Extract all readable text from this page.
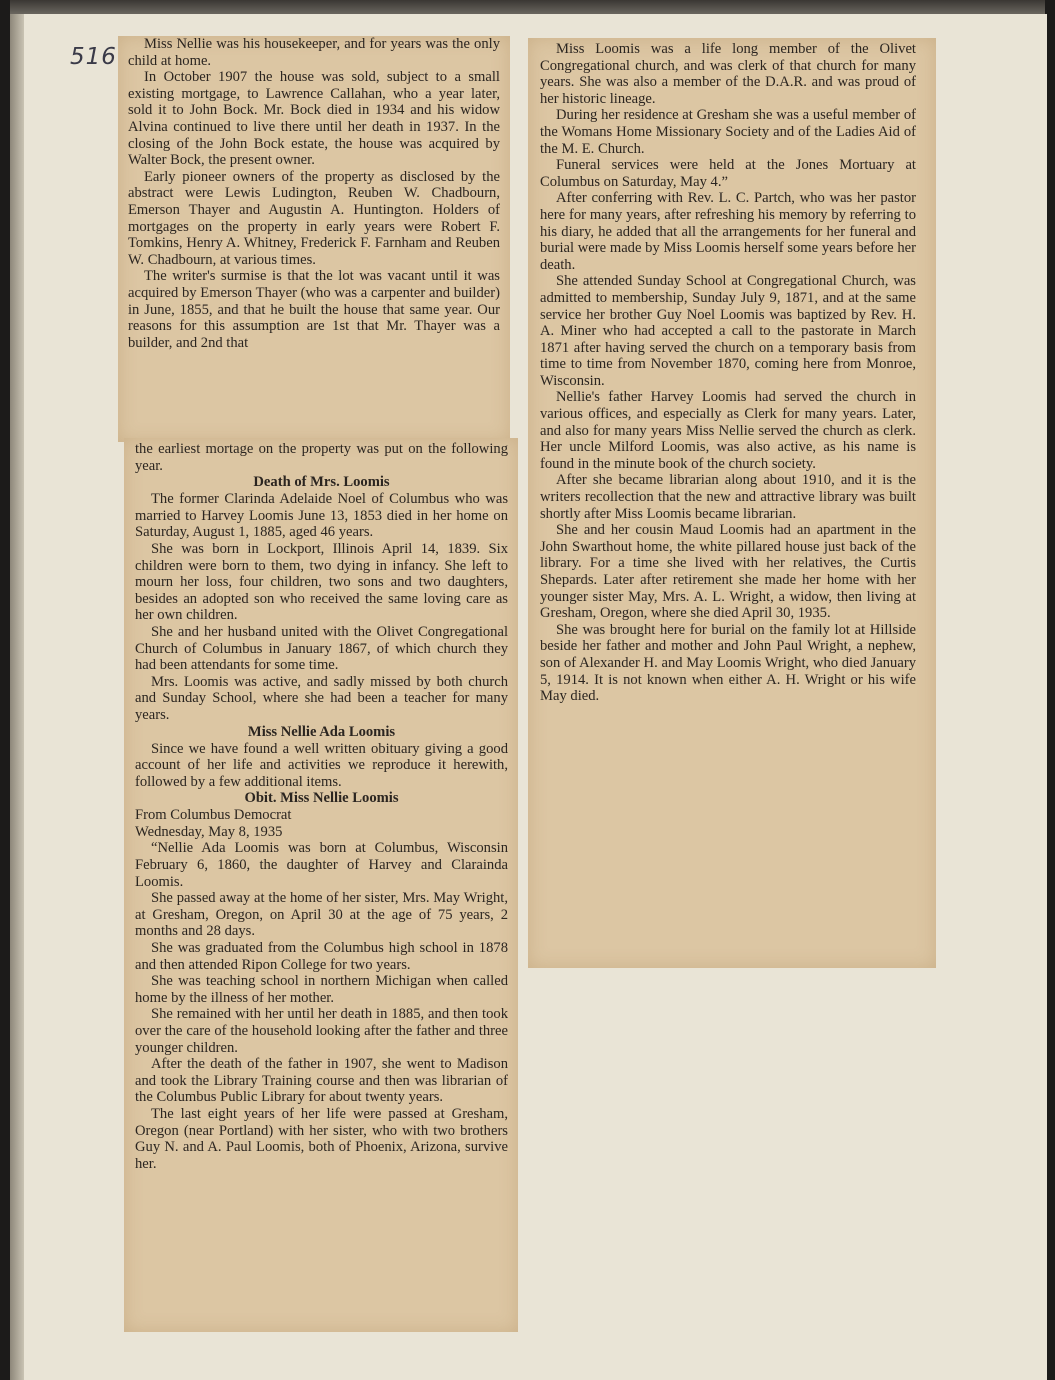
516	Miss Nellie was his housekeeper, and for years was the only child at home.

In October 1907 the house was sold, subject to a small existing mortgage, to Lawrence Callahan, who a year later, sold it to John Bock. Mr. Bock died in 1934 and his widow Alvina continued to live there until her death in 1937. In the closing of the John Bock estate, the house was acquired by Walter Bock, the present owner.

Early pioneer owners of the property as disclosed by the abstract were Lewis Ludington, Reuben W. Chadbourn, Emerson Thayer and Augustin A. Huntington. Holders of mortgages on the property in early years were Robert F. Tomkins, Henry A. Whitney, Frederick F. Farnham and Reuben W. Chadbourn, at various times.

The writer's surmise is that the lot was vacant until it was acquired by Emerson Thayer (who was a carpenter and builder) in June, 1855, and that he built the house that same year. Our reasons for this assumption are 1st that Mr. Thayer was a builder, and 2nd that

the earliest mortage on the property was put on the following year.

Death of Mrs. Loomis

The former Clarinda Adelaide Noel of Columbus who was married to Harvey Loomis June 13, 1853 died in her home on Saturday, August 1, 1885, aged 46 years.

She was born in Lockport, Illinois April 14, 1839. Six children were born to them, two dying in infancy. She left to mourn her loss, four children, two sons and two daughters, besides an adopted son who received the same loving care as her own children.

She and her husband united with the Olivet Congregational Church of Columbus in January 1867, of which church they had been attendants for some time.

Mrs. Loomis was active, and sadly missed by both church and Sunday School, where she had been a teacher for many years.

Miss Nellie Ada Loomis

Since we have found a well written obituary giving a good account of her life and activities we reproduce it herewith, followed by a few additional items.

Obit. Miss Nellie Loomis

From Columbus Democrat

Wednesday, May 8, 1935

“Nellie Ada Loomis was born at Columbus, Wisconsin February 6, 1860, the daughter of Harvey and Claraindа Loomis.

She passed away at the home of her sister, Mrs. May Wright, at Gresham, Oregon, on April 30 at the age of 75 years, 2 months and 28 days.

She was graduated from the Columbus high school in 1878 and then attended Ripon College for two years.

She was teaching school in northern Michigan when called home by the illness of her mother.

She remained with her until her death in 1885, and then took over the care of the household looking after the father and three younger children.

After the death of the father in 1907, she went to Madison and took the Library Training course and then was librarian of the Columbus Public Library for about twenty years.

The last eight years of her life were passed at Gresham, Oregon (near Portland) with her sister, who with two brothers Guy N. and A. Paul Loomis, both of Phoenix, Arizona, survive her.

Miss Loomis was a life long member of the Olivet Congregational church, and was clerk of that church for many years. She was also a member of the D.A.R. and was proud of her historic lineage.

During her residence at Gresham she was a useful member of the Womans Home Missionary Society and of the Ladies Aid of the M. E. Church.

Funeral services were held at the Jones Mortuary at Columbus on Saturday, May 4.”

After conferring with Rev. L. C. Partch, who was her pastor here for many years, after refreshing his memory by referring to his diary, he added that all the arrangements for her funeral and burial were made by Miss Loomis herself some years before her death.

She attended Sunday School at Congregational Church, was admitted to membership, Sunday July 9, 1871, and at the same service her brother Guy Noel Loomis was baptized by Rev. H. A. Miner who had accepted a call to the pastorate in March 1871 after having served the church on a temporary basis from time to time from November 1870, coming here from Monroe, Wisconsin.

Nellie's father Harvey Loomis had served the church in various offices, and especially as Clerk for many years. Later, and also for many years Miss Nellie served the church as clerk. Her uncle Milford Loomis, was also active, as his name is found in the minute book of the church society.

After she became librarian along about 1910, and it is the writers recollection that the new and attractive library was built shortly after Miss Loomis became librarian.

She and her cousin Maud Loomis had an apartment in the John Swarthout home, the white pillared house just back of the library. For a time she lived with her relatives, the Curtis Shepards. Later after retirement she made her home with her younger sister May, Mrs. A. L. Wright, a widow, then living at Gresham, Oregon, where she died April 30, 1935.

She was brought here for burial on the family lot at Hillside beside her father and mother and John Paul Wright, a nephew, son of Alexander H. and May Loomis Wright, who died January 5, 1914. It is not known when either A. H. Wright or his wife May died.
